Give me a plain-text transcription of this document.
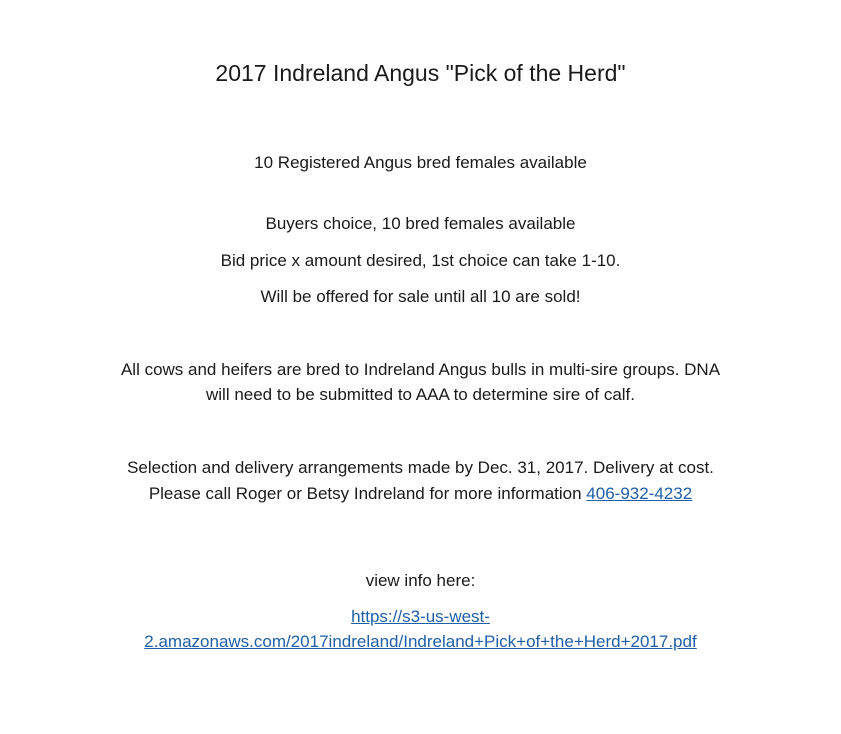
2017 Indreland Angus "Pick of the Herd"
10 Registered Angus bred females available
Buyers choice, 10 bred females available
Bid price x amount desired, 1st choice can take 1-10.
Will be offered for sale until all 10 are sold!
All cows and heifers are bred to Indreland Angus bulls in multi-sire groups. DNA
will need to be submitted to AAA to determine sire of calf.
Selection and delivery arrangements made by Dec. 31, 2017. Delivery at cost.
Please call Roger or Betsy Indreland for more information 406-932-4232
view info here:
https://s3-us-west-
2.amazonaws.com/2017indreland/Indreland+Pick+of+the+Herd+2017.pdf
